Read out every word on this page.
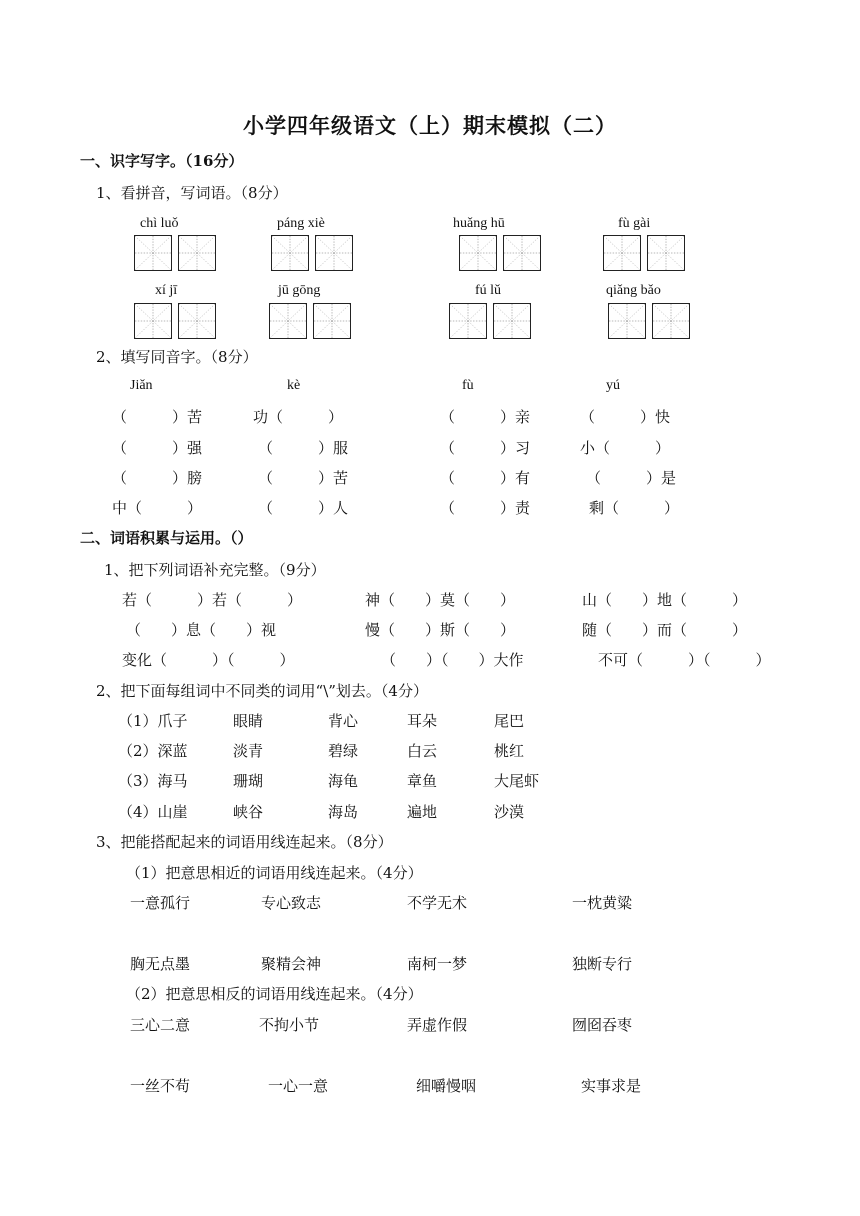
小学四年级语文（上）期末模拟（二）
一、识字写字。（16分）
1、看拼音，写词语。（8分）
chì luǒ	páng xiè	huǎng hū	fù gài
xí jī	jū gōng	fú lǔ	qiǎng bǎo
2、填写同音字。（8分）
Jiǎn	kè	fù	yú
（　　　）苦	功（　　　）	（　　　）亲	（　　　）快
（　　　）强	（　　　）服	（　　　）习	小（　　　）
（　　　）膀	（　　　）苦	（　　　）有	（　　　）是
中（　　　）	（　　　）人	（　　　）责	剩（　　　）
二、词语积累与运用。（）
1、把下列词语补充完整。（9分）
若（　　　）若（　　　）	神（　　）莫（　　）	山（　　）地（　　　）
（　　）息（　　）视	慢（　　）斯（　　）	随（　　）而（　　　）
变化（　　　）（　　　）	（　　）（　　）大作	不可（　　　）（　　　）
2、把下面每组词中不同类的词用“\”划去。（4分）
（1）爪子	眼睛	背心	耳朵	尾巴
（2）深蓝	淡青	碧绿	白云	桃红
（3）海马	珊瑚	海龟	章鱼	大尾虾
（4）山崖	峡谷	海岛	遍地	沙漠
3、把能搭配起来的词语用线连起来。（8分）
（1）把意思相近的词语用线连起来。（4分）
一意孤行	专心致志	不学无术	一枕黄粱
胸无点墨	聚精会神	南柯一梦	独断专行
（2）把意思相反的词语用线连起来。（4分）
三心二意	不拘小节	弄虚作假	囫囵吞枣
一丝不苟	一心一意	细嚼慢咽	实事求是
